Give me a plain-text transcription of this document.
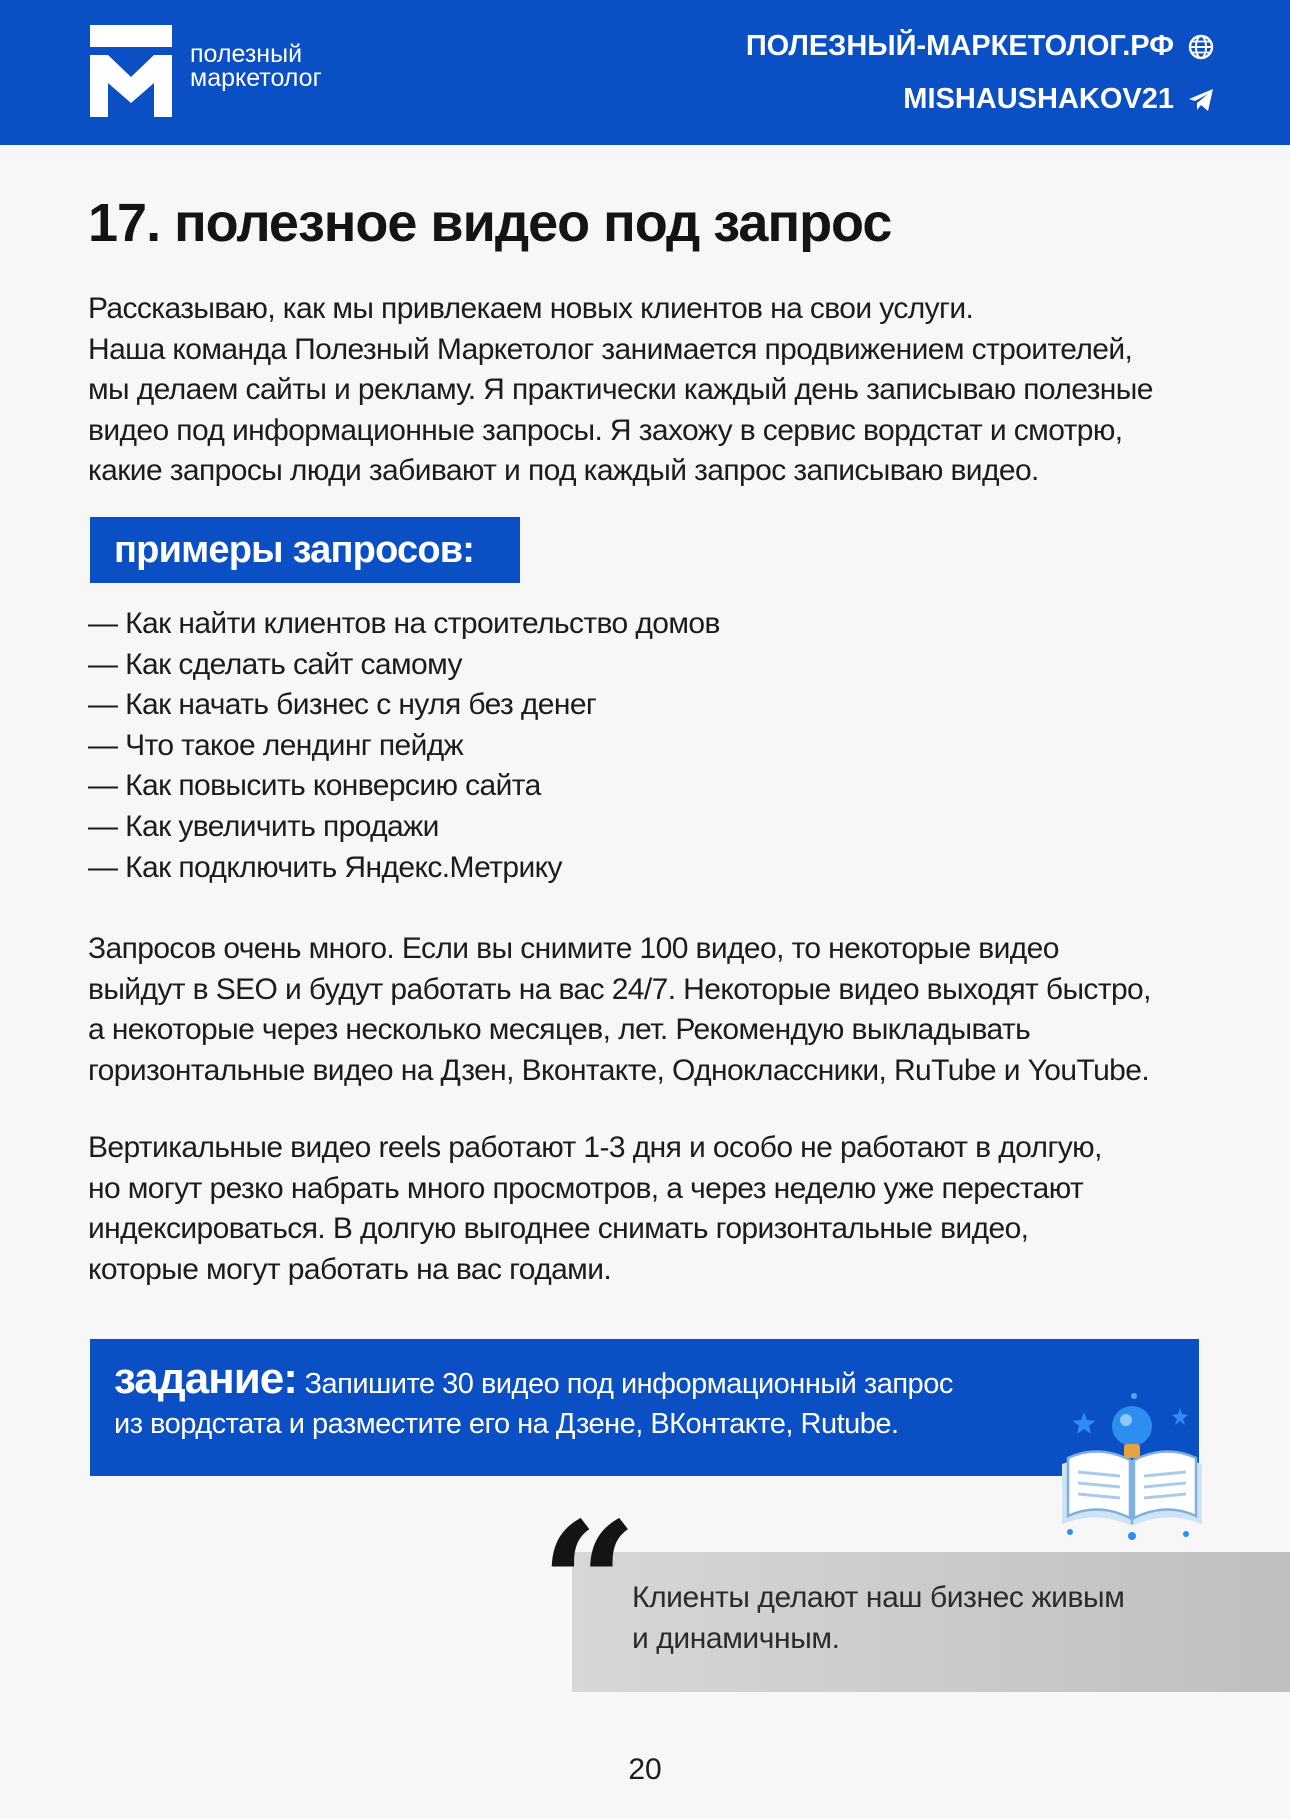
полезный
маркетолог
ПОЛЕЗНЫЙ-МАРКЕТОЛОГ.РФ
MISHAUSHAKOV21
17. полезное видео под запрос
Рассказываю, как мы привлекаем новых клиентов на свои услуги.
Наша команда Полезный Маркетолог занимается продвижением строителей,
мы делаем сайты и рекламу. Я практически каждый день записываю полезные
видео под информационные запросы. Я захожу в сервис вордстат и смотрю,
какие запросы люди забивают и под каждый запрос записываю видео.
примеры запросов:
— Как найти клиентов на строительство домов
— Как сделать сайт самому
— Как начать бизнес с нуля без денег
— Что такое лендинг пейдж
— Как повысить конверсию сайта
— Как увеличить продажи
— Как подключить Яндекс.Метрику
Запросов очень много. Если вы снимите 100 видео, то некоторые видео
выйдут в SEO и будут работать на вас 24/7. Некоторые видео выходят быстро,
а некоторые через несколько месяцев, лет. Рекомендую выкладывать
горизонтальные видео на Дзен, Вконтакте, Одноклассники, RuTube и YouTube.
Вертикальные видео reels работают 1-3 дня и особо не работают в долгую,
но могут резко набрать много просмотров, а через неделю уже перестают
индексироваться. В долгую выгоднее снимать горизонтальные видео,
которые могут работать на вас годами.
задание: Запишите 30 видео под информационный запрос
из вордстата и разместите его на Дзене, ВКонтакте, Rutube.
Клиенты делают наш бизнес живым
и динамичным.
“
20
